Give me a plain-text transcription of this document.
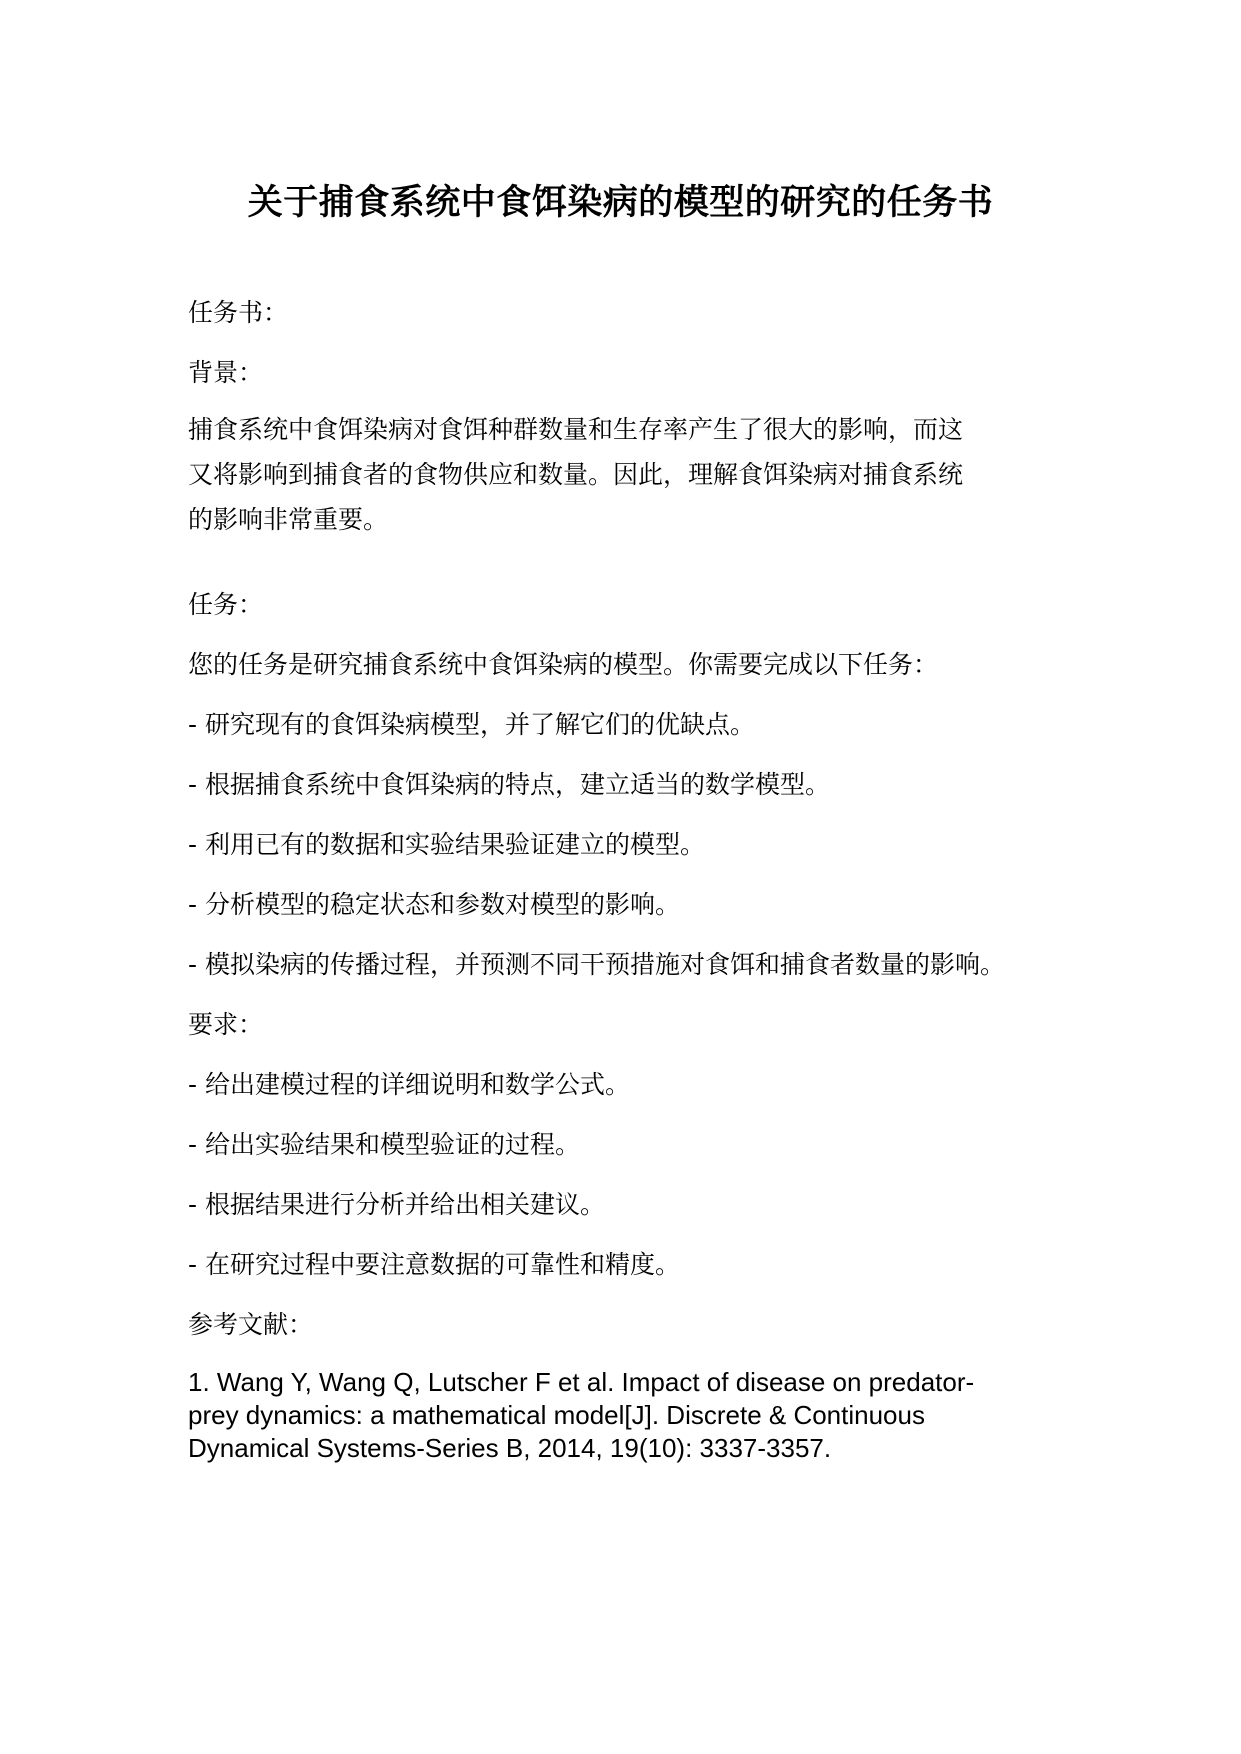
关于捕食系统中食饵染病的模型的研究的任务书
任务书：
背景：
捕食系统中食饵染病对食饵种群数量和生存率产生了很大的影响，而这
又将影响到捕食者的食物供应和数量。因此，理解食饵染病对捕食系统
的影响非常重要。
任务：
您的任务是研究捕食系统中食饵染病的模型。你需要完成以下任务：
- 研究现有的食饵染病模型，并了解它们的优缺点。
- 根据捕食系统中食饵染病的特点，建立适当的数学模型。
- 利用已有的数据和实验结果验证建立的模型。
- 分析模型的稳定状态和参数对模型的影响。
- 模拟染病的传播过程，并预测不同干预措施对食饵和捕食者数量的影响。
要求：
- 给出建模过程的详细说明和数学公式。
- 给出实验结果和模型验证的过程。
- 根据结果进行分析并给出相关建议。
- 在研究过程中要注意数据的可靠性和精度。
参考文献：
1. Wang Y, Wang Q, Lutscher F et al. Impact of disease on predator-
prey dynamics: a mathematical model[J]. Discrete & Continuous
Dynamical Systems-Series B, 2014, 19(10): 3337-3357.
